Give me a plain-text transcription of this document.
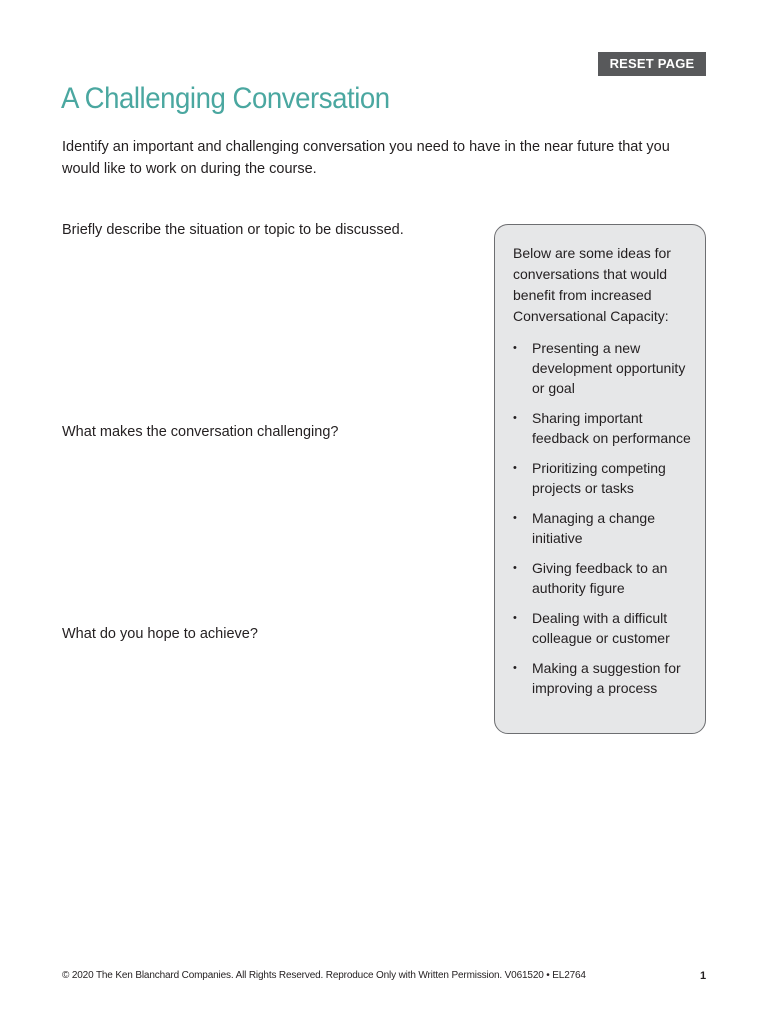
RESET PAGE
A Challenging Conversation

Identify an important and challenging conversation you need to have in the near future that you would like to work on during the course.

Briefly describe the situation or topic to be discussed.

What makes the conversation challenging?

What do you hope to achieve?

Below are some ideas for conversations that would benefit from increased Conversational Capacity:

• Presenting a new development opportunity or goal
• Sharing important feedback on performance
• Prioritizing competing projects or tasks
• Managing a change initiative
• Giving feedback to an authority figure
• Dealing with a difficult colleague or customer
• Making a suggestion for improving a process
© 2020 The Ken Blanchard Companies. All Rights Reserved. Reproduce Only with Written Permission. V061520 • EL2764	1
